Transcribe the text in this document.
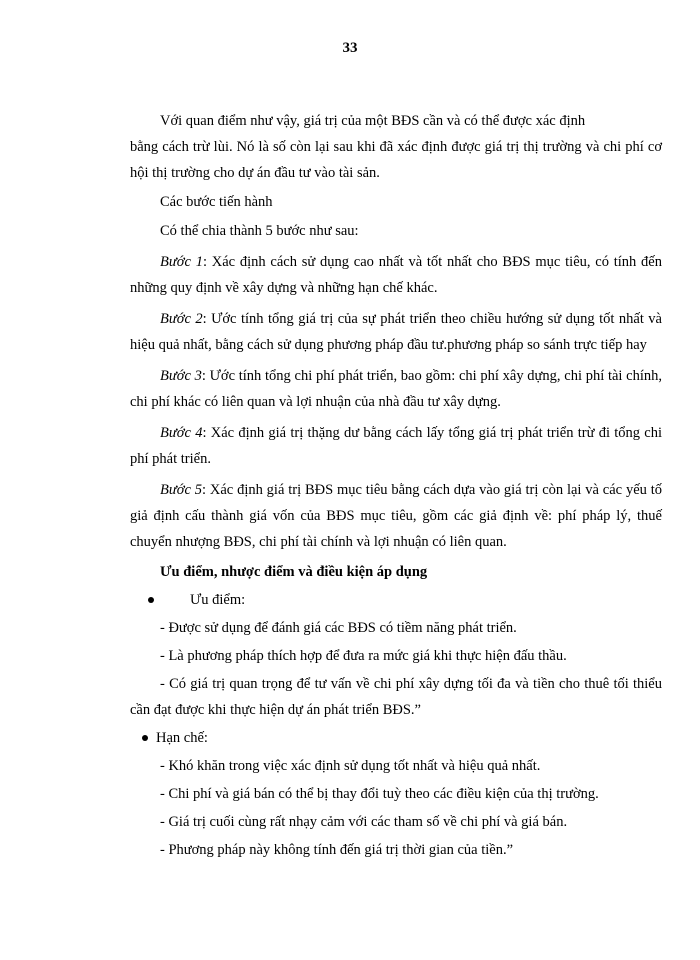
33

Với quan điểm như vậy, giá trị của một BĐS cần và có thể được xác định
bằng cách trừ lùi. Nó là số còn lại sau khi đã xác định được giá trị thị trường và chi phí cơ hội thị trường cho dự án đầu tư vào tài sản.

Các bước tiến hành

Có thể chia thành 5 bước như sau:

Bước 1: Xác định cách sử dụng cao nhất và tốt nhất cho BĐS mục tiêu, có tính đến những quy định về xây dựng và những hạn chế khác.

Bước 2: Ước tính tổng giá trị của sự phát triển theo chiều hướng sử dụng tốt nhất và hiệu quả nhất, bằng cách sử dụng phương pháp đầu tư.phương pháp so sánh trực tiếp hay

Bước 3: Ước tính tổng chi phí phát triển, bao gồm: chi phí xây dựng, chi phí tài chính, chi phí khác có liên quan và lợi nhuận của nhà đầu tư xây dựng.

Bước 4: Xác định giá trị thặng dư bằng cách lấy tổng giá trị phát triển trừ đi tổng chi phí phát triển.

Bước 5: Xác định giá trị BĐS mục tiêu bằng cách dựa vào giá trị còn lại và các yếu tố giả định cấu thành giá vốn của BĐS mục tiêu, gồm các giả định về: phí pháp lý, thuế chuyển nhượng BĐS, chi phí tài chính và lợi nhuận có liên quan.

Ưu điểm, nhược điểm và điều kiện áp dụng

Ưu điểm:

- Được sử dụng để đánh giá các BĐS có tiềm năng phát triển.

- Là phương pháp thích hợp để đưa ra mức giá khi thực hiện đấu thầu.

- Có giá trị quan trọng để tư vấn về chi phí xây dựng tối đa và tiền cho thuê tối thiểu cần đạt được khi thực hiện dự án phát triển BĐS.”

Hạn chế:

- Khó khăn trong việc xác định sử dụng tốt nhất và hiệu quả nhất.

- Chi phí và giá bán có thể bị thay đổi tuỳ theo các điều kiện của thị trường.

- Giá trị cuối cùng rất nhạy cảm với các tham số về chi phí và giá bán.

- Phương pháp này không tính đến giá trị thời gian của tiền.”
